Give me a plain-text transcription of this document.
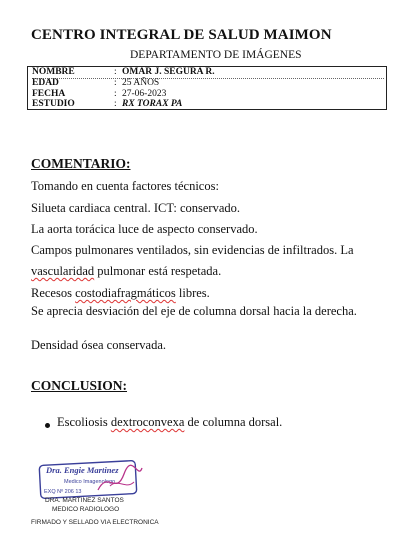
CENTRO INTEGRAL DE SALUD MAIMON
DEPARTAMENTO DE IMÁGENES
NOMBRE	: OMAR J. SEGURA R.
EDAD	: 25 AÑOS
FECHA	: 27-06-2023
ESTUDIO	: RX TORAX PA
COMENTARIO:
Tomando en cuenta factores técnicos:
Silueta cardiaca central. ICT: conservado.
La aorta torácica luce de aspecto conservado.
Campos pulmonares ventilados, sin evidencias de infiltrados. La
vascularidad pulmonar está respetada.
Recesos costodiafragmáticos libres.
Se aprecia desviación del eje de columna dorsal hacia la derecha.
Densidad ósea conservada.
CONCLUSION:
Escoliosis dextroconvexa de columna dorsal.
Dra. Engie Martinez
Medico Imagenologo
EXQ Nº 206 13
DRA. MARTINEZ SANTOS
MEDICO RADIOLOGO
FIRMADO Y SELLADO VIA ELECTRONICA
